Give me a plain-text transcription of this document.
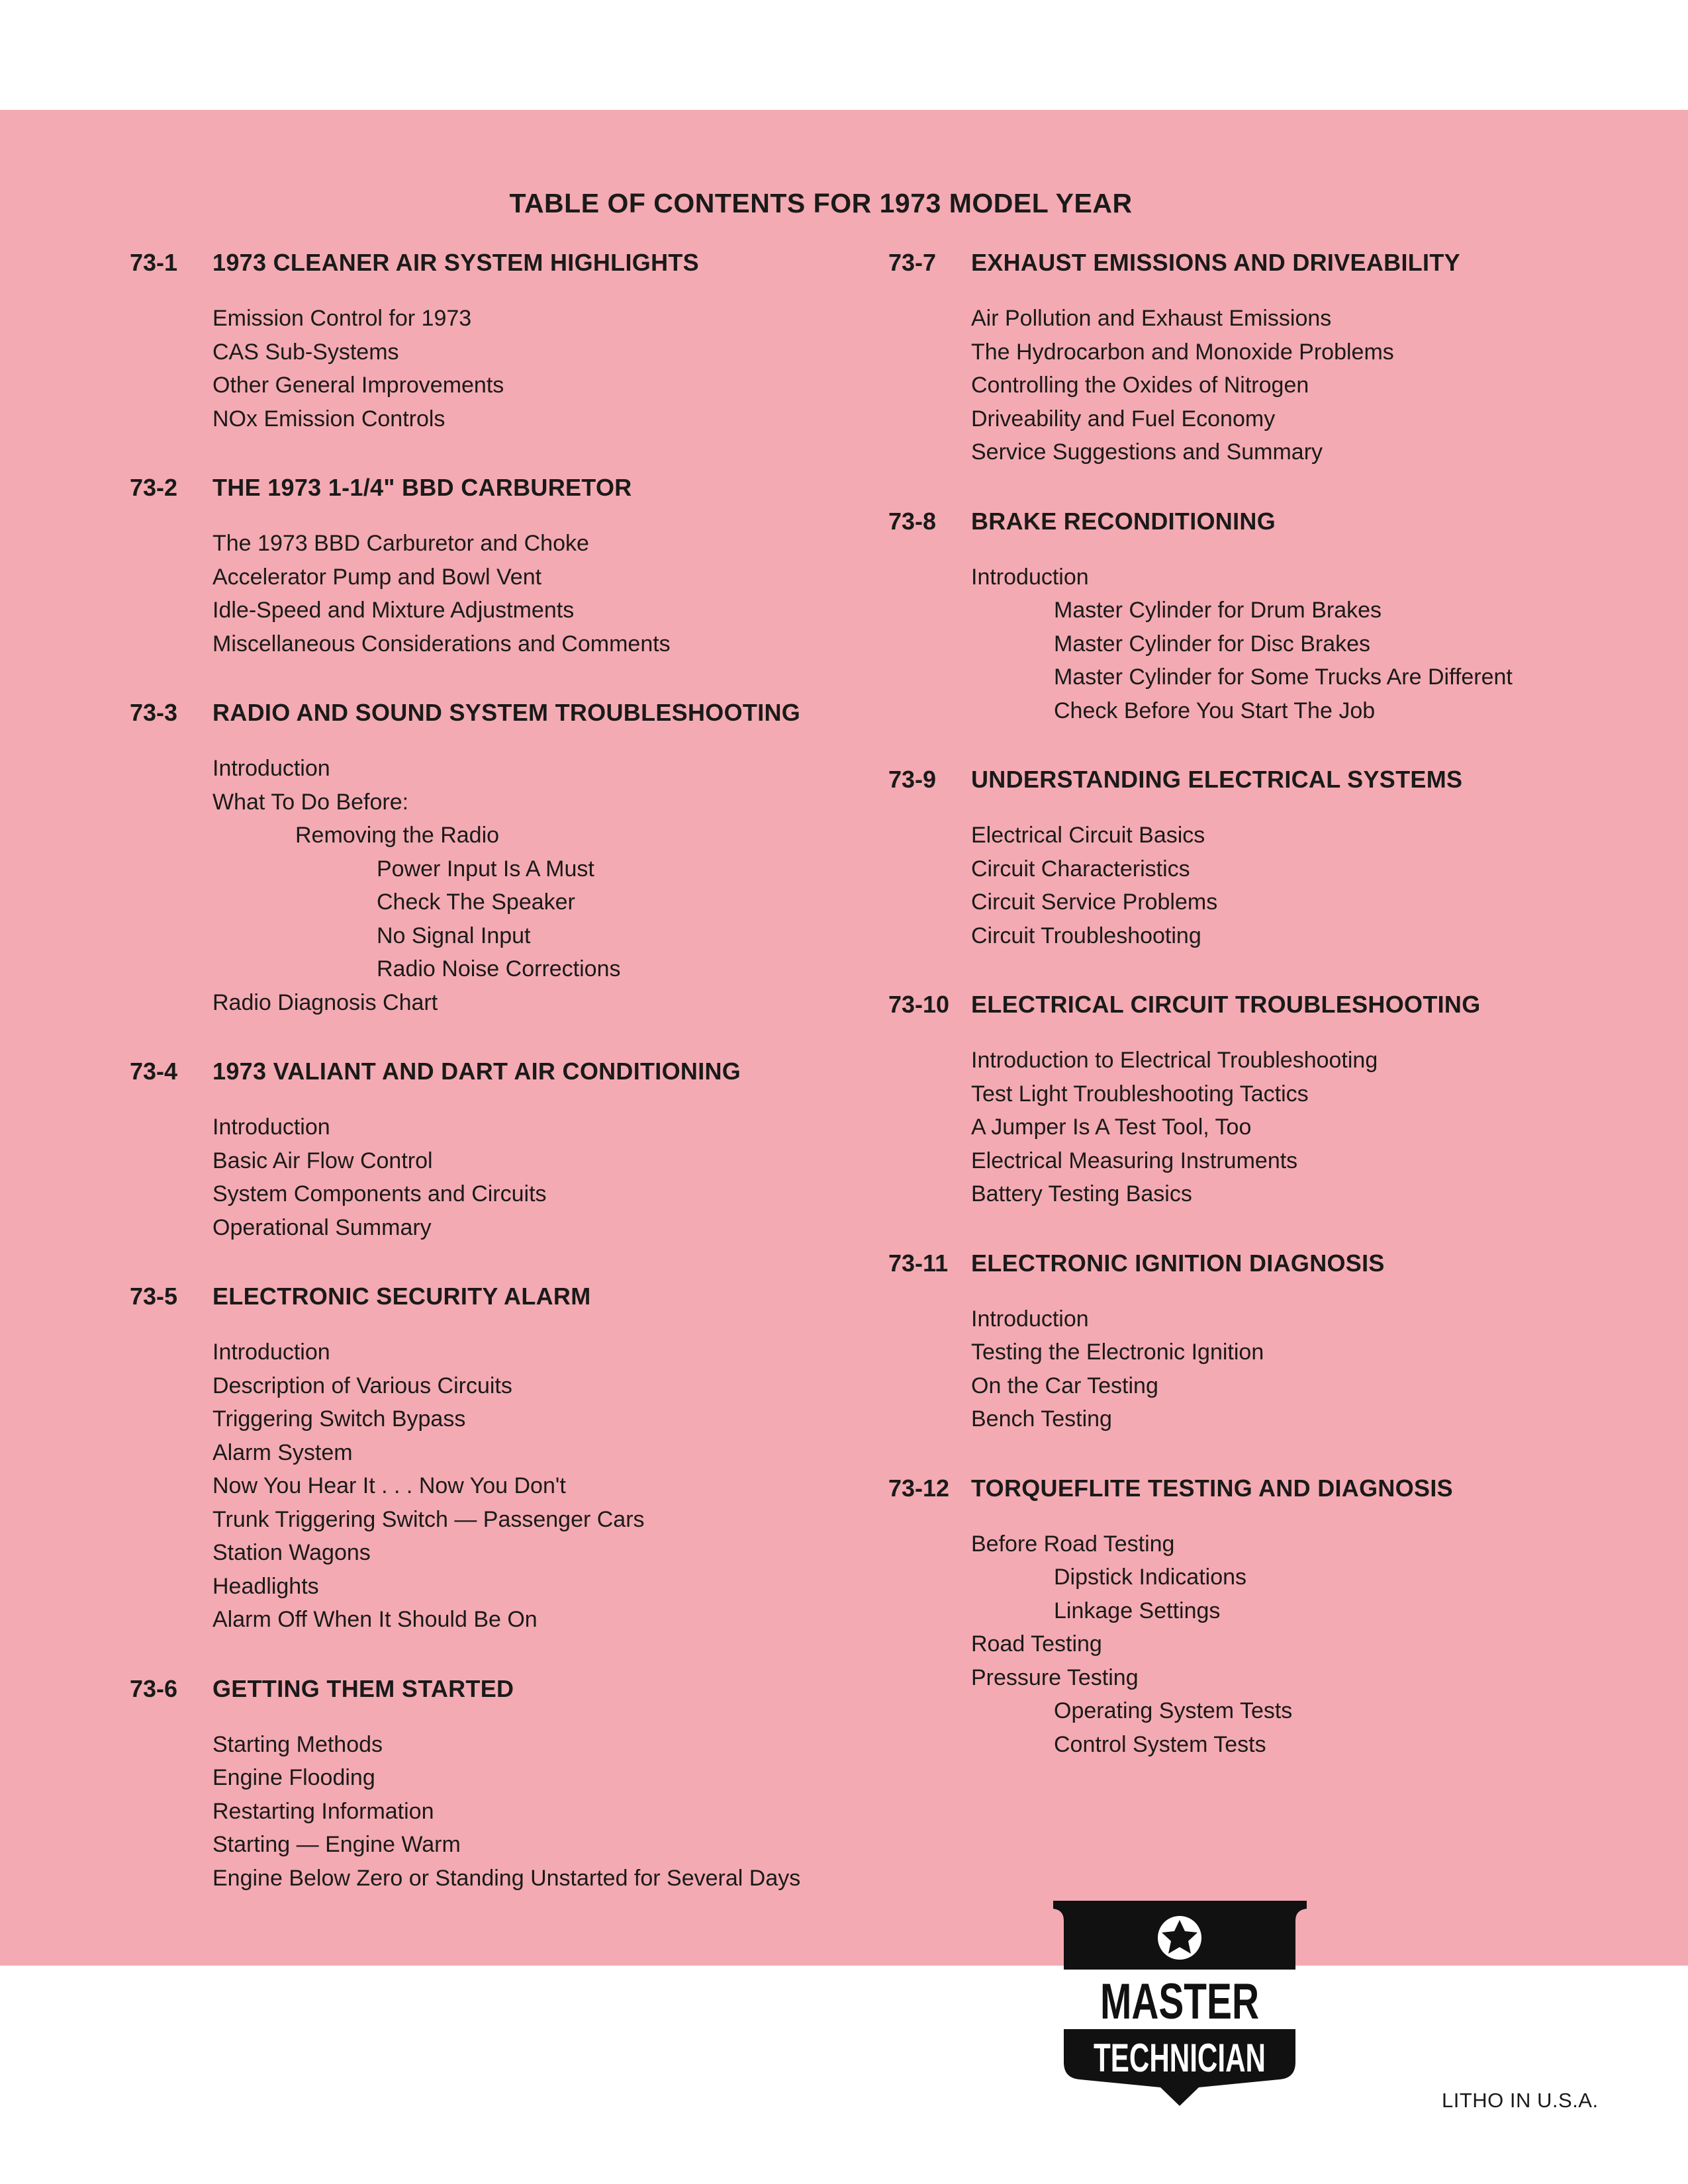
TABLE OF CONTENTS FOR 1973 MODEL YEAR
73-1	1973 CLEANER AIR SYSTEM HIGHLIGHTS
Emission Control for 1973
CAS Sub-Systems
Other General Improvements
NOx Emission Controls
73-2	THE 1973 1-1/4" BBD CARBURETOR
The 1973 BBD Carburetor and Choke
Accelerator Pump and Bowl Vent
Idle-Speed and Mixture Adjustments
Miscellaneous Considerations and Comments
73-3	RADIO AND SOUND SYSTEM TROUBLESHOOTING
Introduction
What To Do Before:
Removing the Radio
Power Input Is A Must
Check The Speaker
No Signal Input
Radio Noise Corrections
Radio Diagnosis Chart
73-4	1973 VALIANT AND DART AIR CONDITIONING
Introduction
Basic Air Flow Control
System Components and Circuits
Operational Summary
73-5	ELECTRONIC SECURITY ALARM
Introduction
Description of Various Circuits
Triggering Switch Bypass
Alarm System
Now You Hear It . . . Now You Don't
Trunk Triggering Switch — Passenger Cars
Station Wagons
Headlights
Alarm Off When It Should Be On
73-6	GETTING THEM STARTED
Starting Methods
Engine Flooding
Restarting Information
Starting — Engine Warm
Engine Below Zero or Standing Unstarted for Several Days
73-7	EXHAUST EMISSIONS AND DRIVEABILITY
Air Pollution and Exhaust Emissions
The Hydrocarbon and Monoxide Problems
Controlling the Oxides of Nitrogen
Driveability and Fuel Economy
Service Suggestions and Summary
73-8	BRAKE RECONDITIONING
Introduction
Master Cylinder for Drum Brakes
Master Cylinder for Disc Brakes
Master Cylinder for Some Trucks Are Different
Check Before You Start The Job
73-9	UNDERSTANDING ELECTRICAL SYSTEMS
Electrical Circuit Basics
Circuit Characteristics
Circuit Service Problems
Circuit Troubleshooting
73-10 ELECTRICAL CIRCUIT TROUBLESHOOTING
Introduction to Electrical Troubleshooting
Test Light Troubleshooting Tactics
A Jumper Is A Test Tool, Too
Electrical Measuring Instruments
Battery Testing Basics
73-11 ELECTRONIC IGNITION DIAGNOSIS
Introduction
Testing the Electronic Ignition
On the Car Testing
Bench Testing
73-12 TORQUEFLITE TESTING AND DIAGNOSIS
Before Road Testing
Dipstick Indications
Linkage Settings
Road Testing
Pressure Testing
Operating System Tests
Control System Tests
MASTER
TECHNICIAN
LITHO IN U.S.A.
